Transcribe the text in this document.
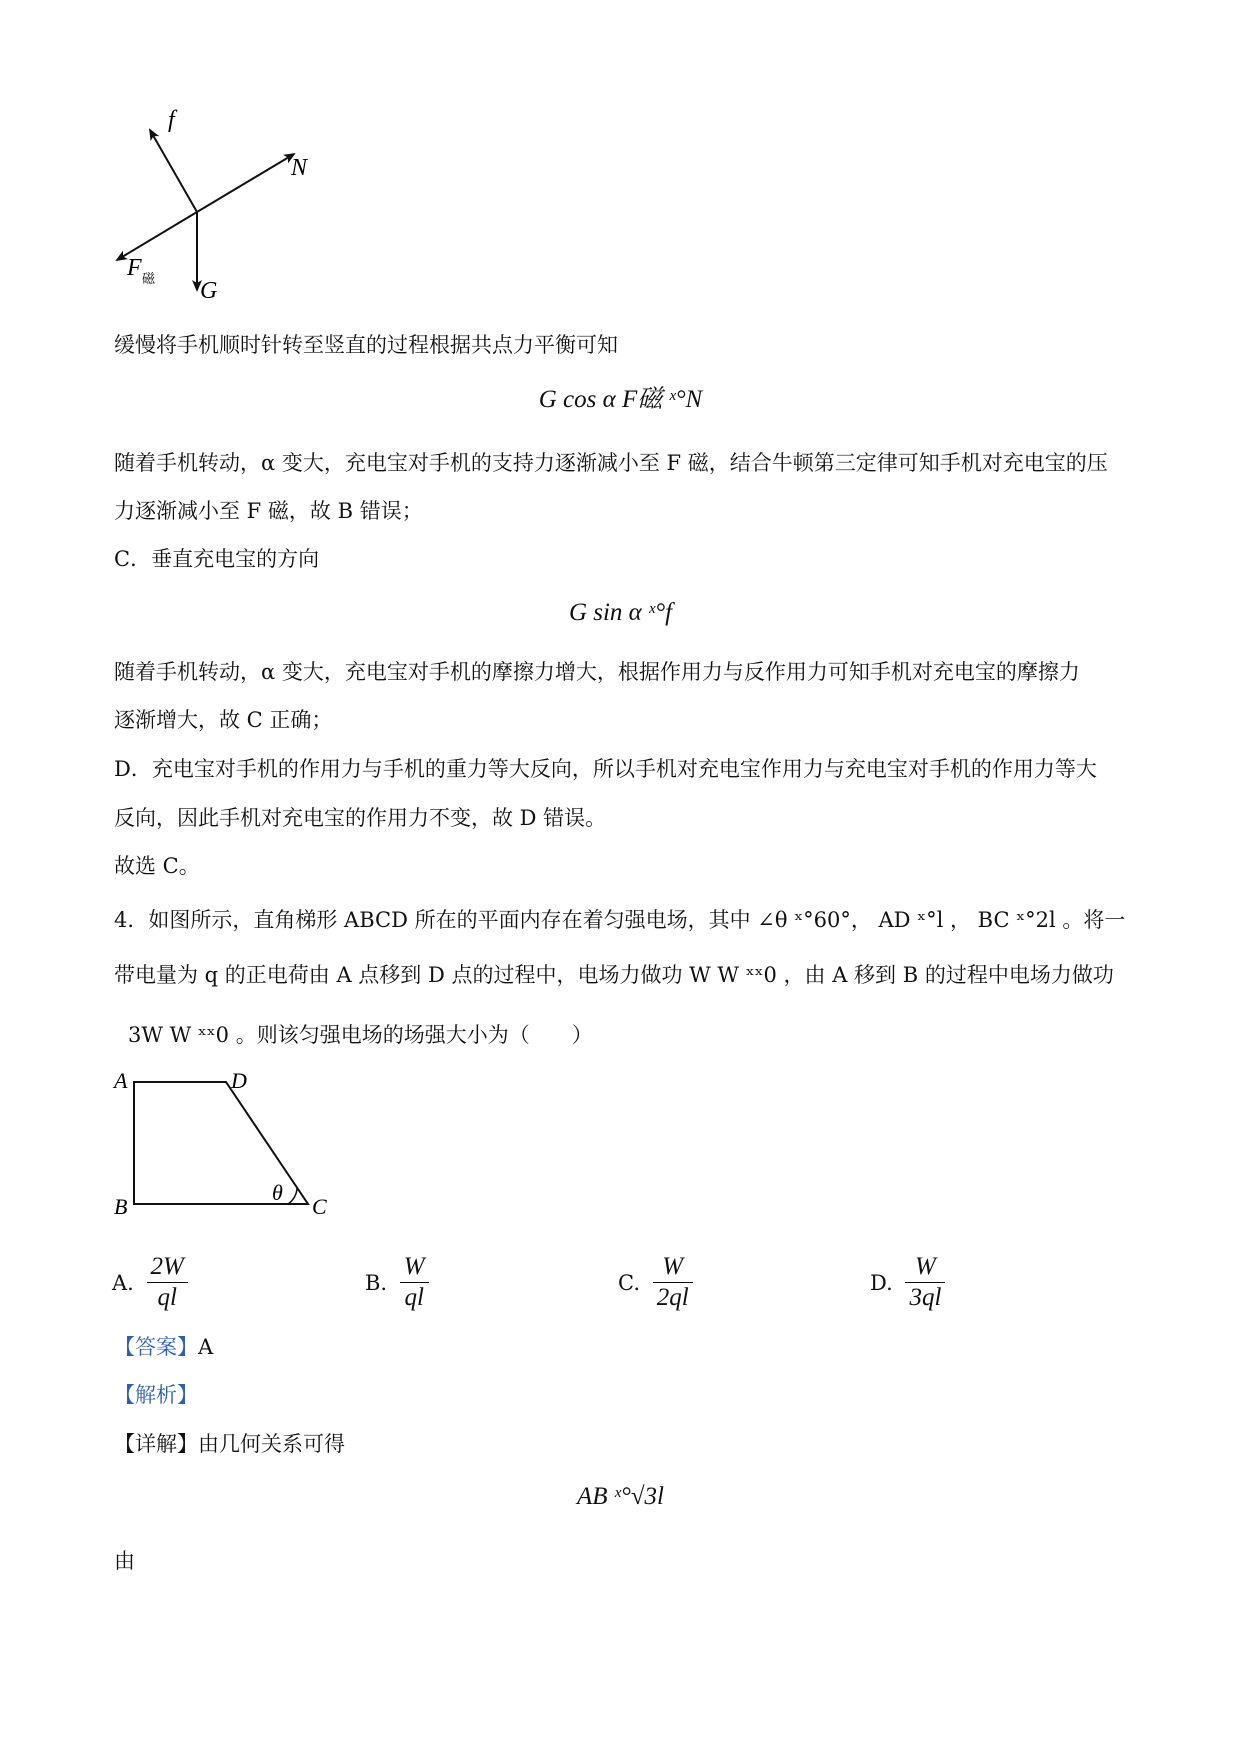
f
N
F 磁 G
缓慢将手机顺时针转至竖直的过程根据共点力平衡可知
G cos α F磁 ˣ°N
随着手机转动，α 变大，充电宝对手机的支持力逐渐减小至 F 磁，结合牛顿第三定律可知手机对充电宝的压
力逐渐减小至 F 磁，故 B 错误；
C．垂直充电宝的方向
G sin α ˣ°f
随着手机转动，α 变大，充电宝对手机的摩擦力增大，根据作用力与反作用力可知手机对充电宝的摩擦力
逐渐增大，故 C 正确；
D．充电宝对手机的作用力与手机的重力等大反向，所以手机对充电宝作用力与充电宝对手机的作用力等大
反向，因此手机对充电宝的作用力不变，故 D 错误。
故选 C。
4．如图所示，直角梯形 ABCD 所在的平面内存在着匀强电场，其中 ∠θ ˣ°60°， AD ˣ°l ， BC ˣ°2l 。将一
带电量为 q 的正电荷由 A 点移到 D 点的过程中，电场力做功 W W ˣˣ0 ，由 A 移到 B 的过程中电场力做功
3W W ˣˣ0 。则该匀强电场的场强大小为（　　）
A	D
B	C
θ
A. $\frac{2W}{ql}$	B. $\frac{W}{ql}$	C. $\frac{W}{2ql}$	D. $\frac{W}{3ql}$
【答案】A
【解析】
【详解】由几何关系可得
AB ˣ°√3l
由
